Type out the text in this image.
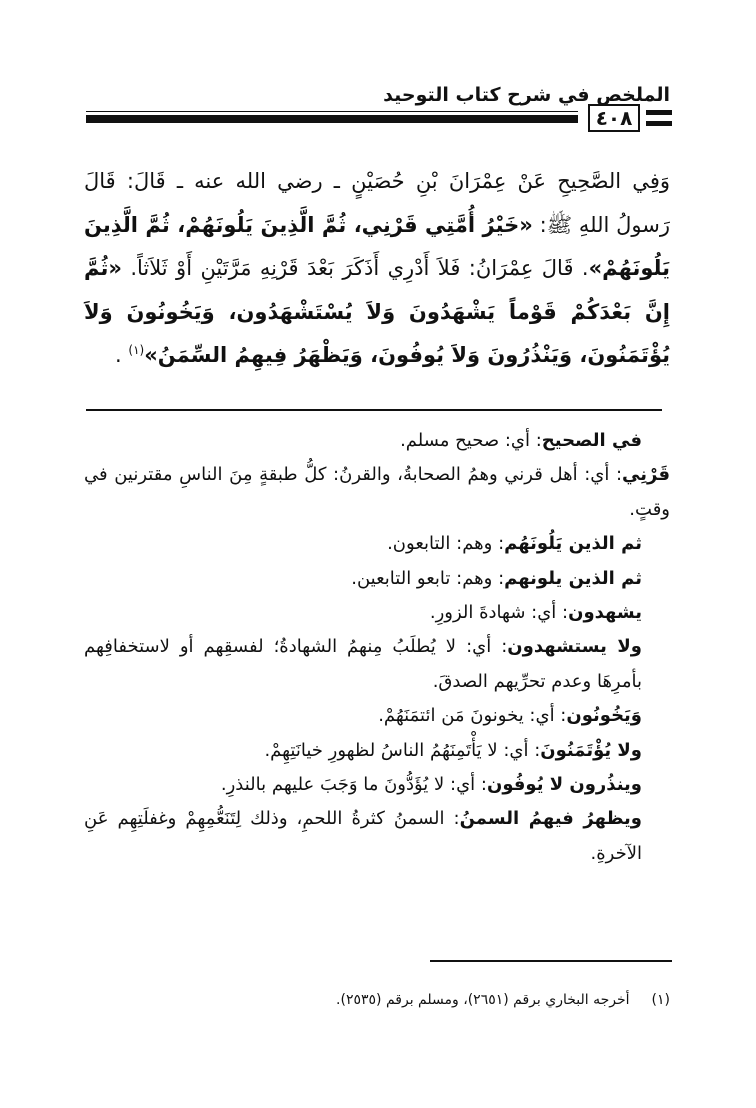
الملخص في شرح كتاب التوحيد
٤٠٨
وَفِي الصَّحِيحِ عَنْ عِمْرَانَ بْنِ حُصَيْنٍ ـ رضي الله عنه ـ قَالَ: قَالَ رَسولُ اللهِ ﷺ: «خَيْرُ أُمَّتِي قَرْنِي، ثُمَّ الَّذِينَ يَلُونَهُمْ، ثُمَّ الَّذِينَ يَلُونَهُمْ». قَالَ عِمْرَانُ: فَلاَ أَدْرِي أَذَكَرَ بَعْدَ قَرْنِهِ مَرَّتَيْنِ أَوْ ثَلاَثاً. «ثُمَّ إِنَّ بَعْدَكُمْ قَوْماً يَشْهَدُونَ وَلاَ يُسْتَشْهَدُون، وَيَخُونُونَ وَلاَ يُؤْتَمَنُونَ، وَيَنْذُرُونَ وَلاَ يُوفُونَ، وَيَظْهَرُ فِيهِمُ السِّمَنُ»$^{(١)}$ .

في الصحيح: أي: صحيح مسلم.

قَرْنِي: أي: أهل قرني وهمُ الصحابةُ، والقرنُ: كلُّ طبقةٍ مِنَ الناسِ مقترنين في وقتٍ.

ثم الذين يَلُونَهُم: وهم: التابعون.

ثم الذين يلونهم: وهم: تابعو التابعين.

يشهدون: أي: شهادةَ الزورِ.

ولا يستشهدون: أي: لا يُطلَبُ مِنهمُ الشهادةُ؛ لفسقِهم أو لاستخفافِهم بأمرِهَا وعدم تحرِّيهم الصدقَ.

وَيَخُونُون: أي: يخونونَ مَن ائتمَنَهُمْ.

ولا يُؤْتَمَنُونَ: أي: لا يَأْتَمِنَهُمُ الناسُ لظهورِ خيانَتِهِمْ.

وينذُرون لا يُوفُون: أي: لا يُؤَدُّونَ ما وَجَبَ عليهم بالنذرِ.

ويظهرُ فيهمُ السمنُ: السمنُ كثرةُ اللحمِ، وذلك لِتَنَعُّمِهِمْ وغفلَتِهِم عَنِ الآخرةِ.

(١)أخرجه البخاري برقم (٢٦٥١)، ومسلم برقم (٢٥٣٥).
